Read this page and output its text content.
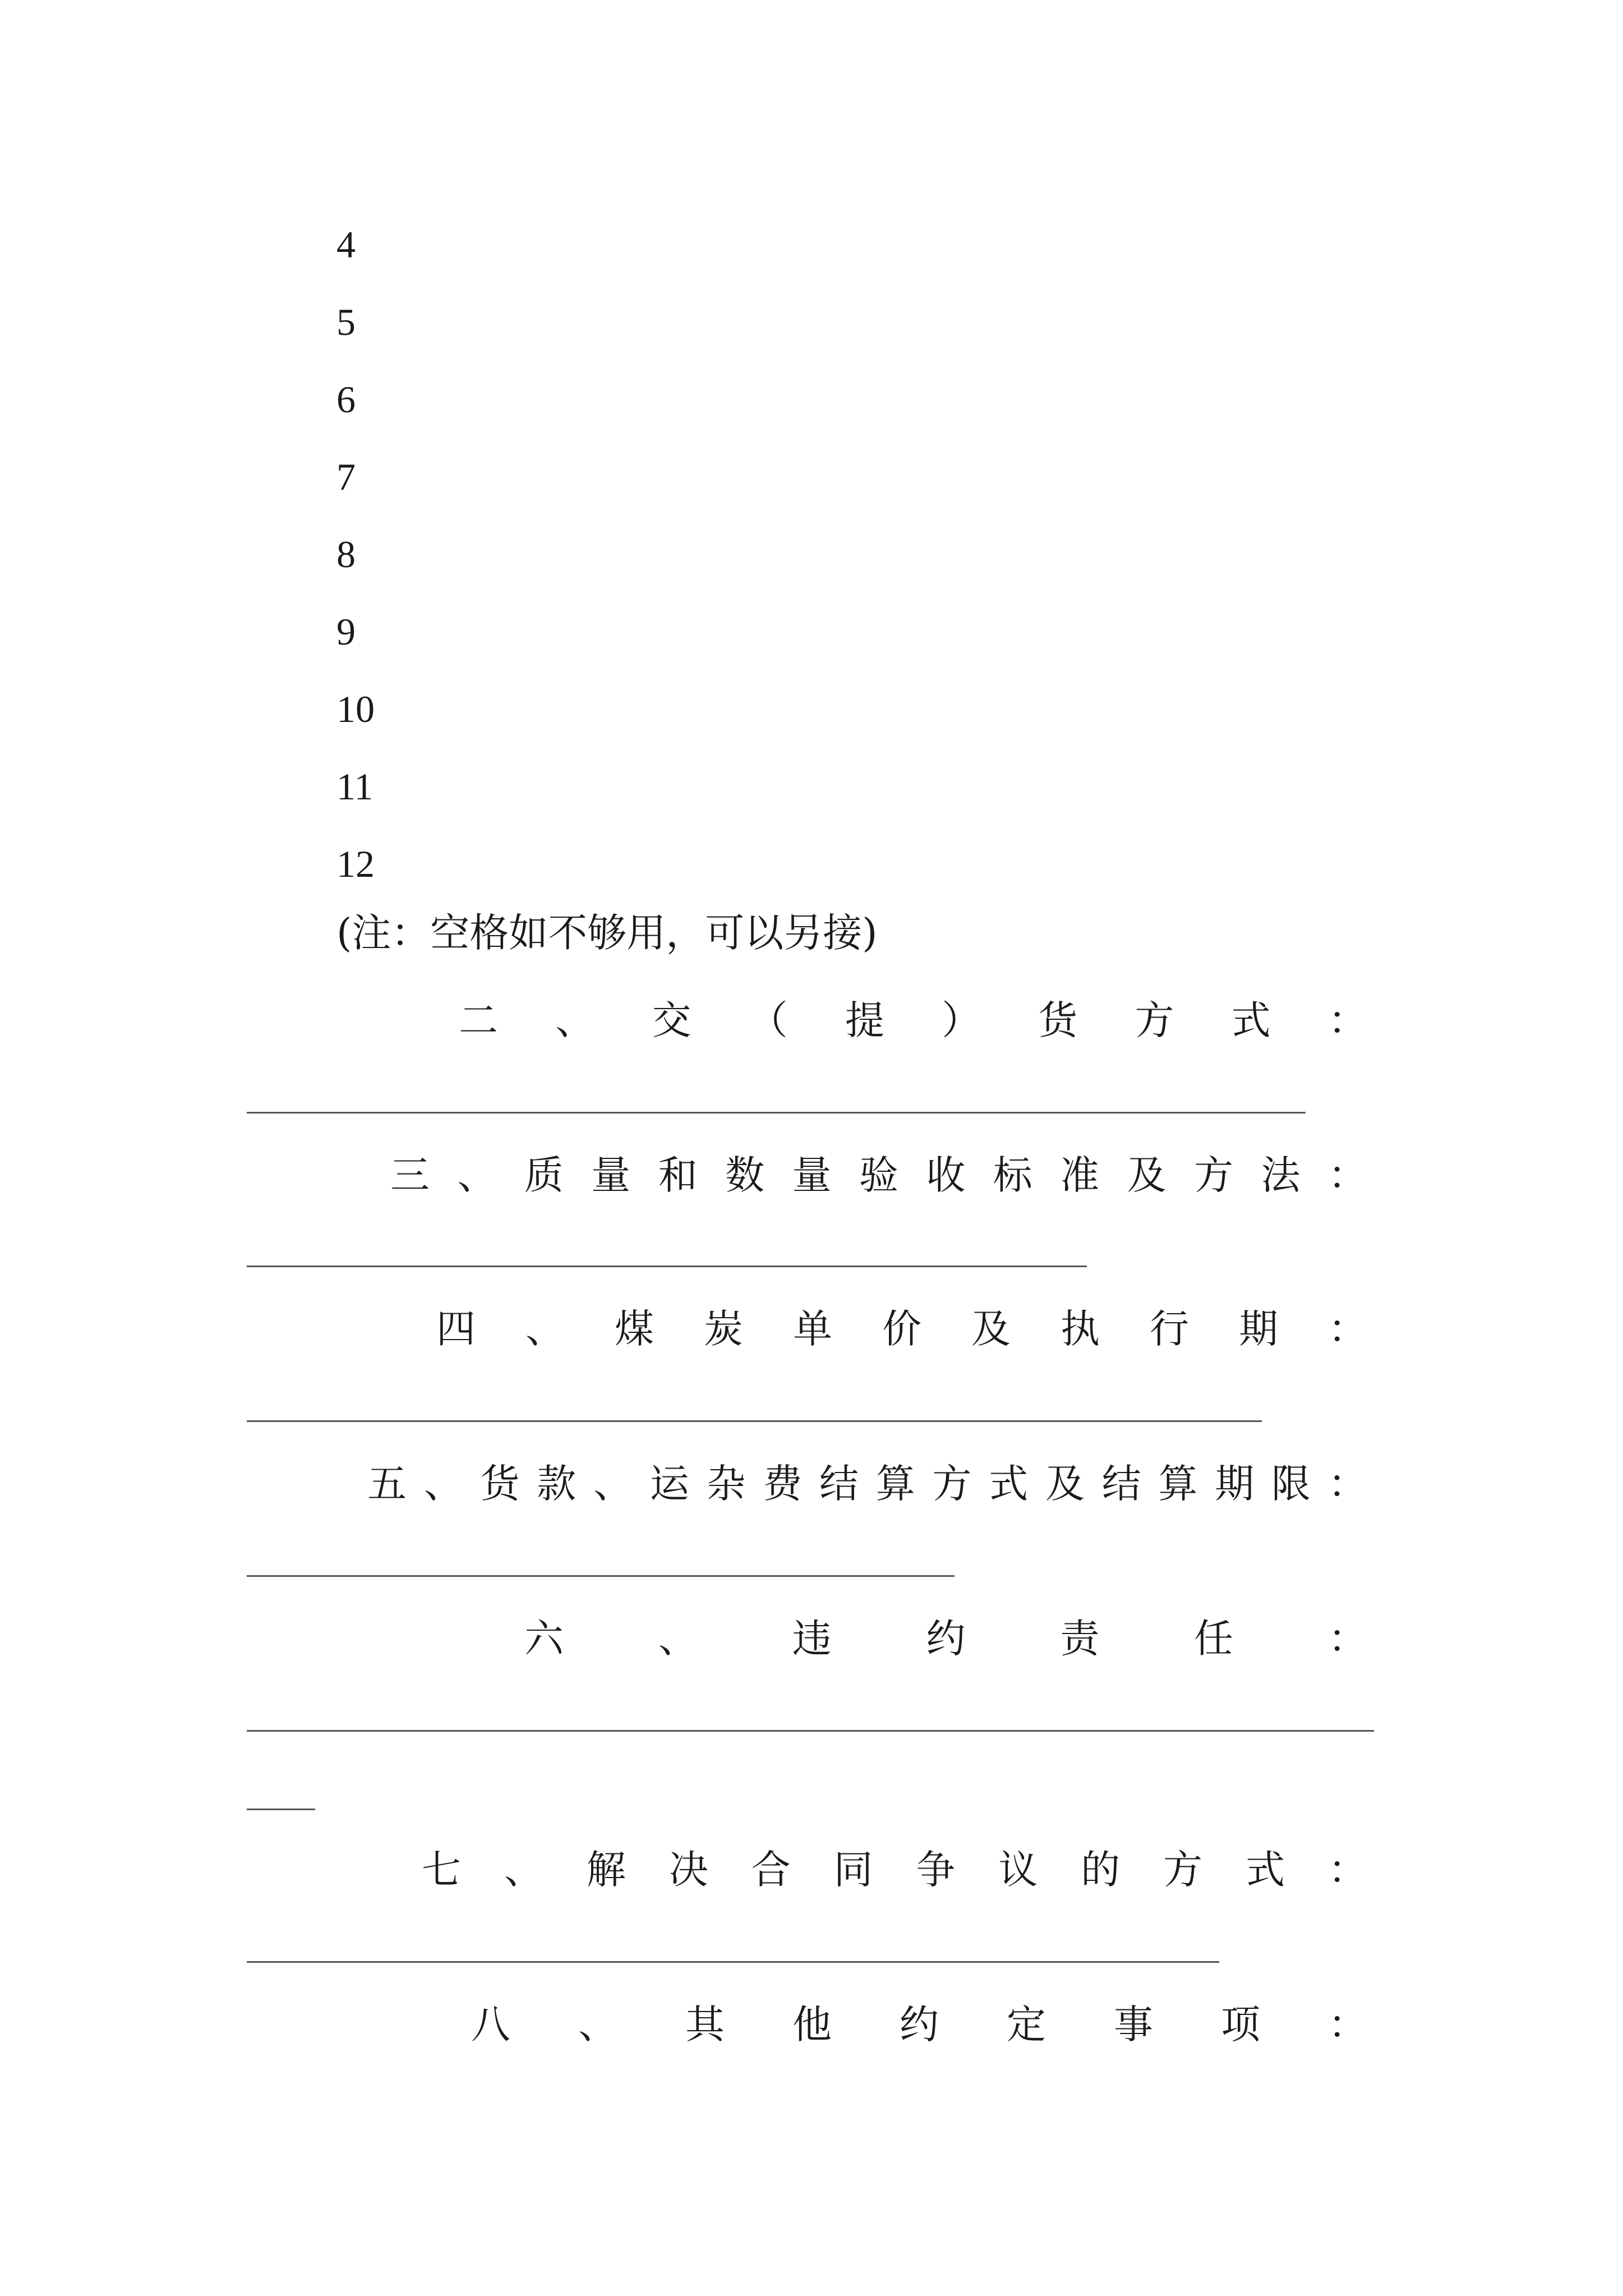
4
5
6
7
8
9
10
11
12
(注：空格如不够用，可以另接)
二 、 交 （ 提 ） 货 方 式 ：
三 、 质 量 和 数 量 验 收 标 准 及 方 法 ：
四 、 煤 炭 单 价 及 执 行 期 ：
五 、 货 款 、 运 杂 费 结 算 方 式 及 结 算 期 限 ：
六 、 违 约 责 任 ：
七 、 解 决 合 同 争 议 的 方 式 ：
八 、 其 他 约 定 事 项 ：
